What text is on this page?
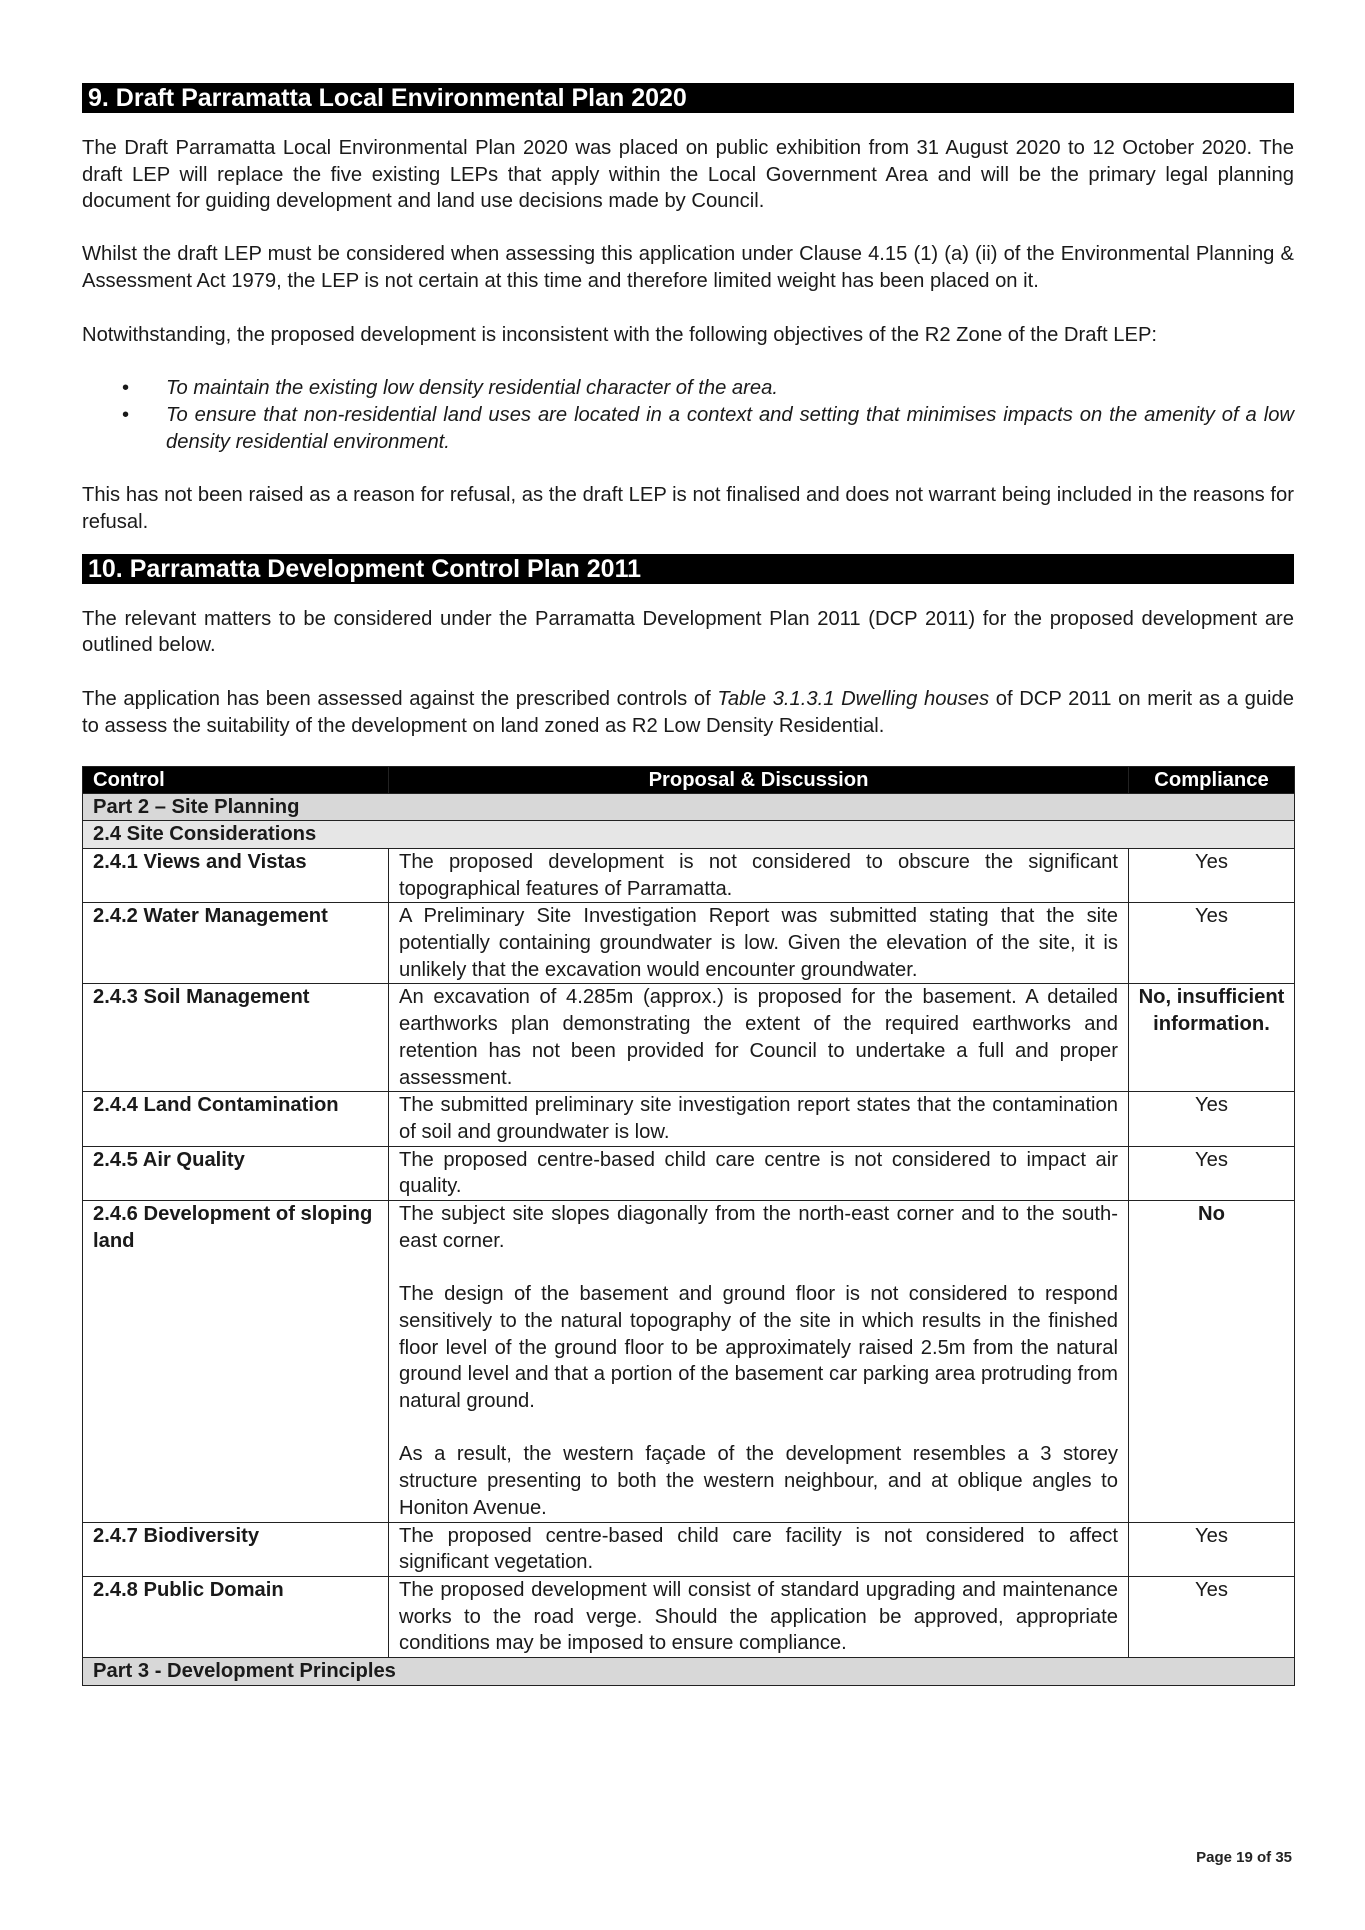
9. Draft Parramatta Local Environmental Plan 2020

The Draft Parramatta Local Environmental Plan 2020 was placed on public exhibition from 31 August 2020 to 12 October 2020. The draft LEP will replace the five existing LEPs that apply within the Local Government Area and will be the primary legal planning document for guiding development and land use decisions made by Council.

Whilst the draft LEP must be considered when assessing this application under Clause 4.15 (1) (a) (ii) of the Environmental Planning & Assessment Act 1979, the LEP is not certain at this time and therefore limited weight has been placed on it.

Notwithstanding, the proposed development is inconsistent with the following objectives of the R2 Zone of the Draft LEP:

• To maintain the existing low density residential character of the area.
• To ensure that non-residential land uses are located in a context and setting that minimises impacts on the amenity of a low density residential environment.

This has not been raised as a reason for refusal, as the draft LEP is not finalised and does not warrant being included in the reasons for refusal.

10. Parramatta Development Control Plan 2011

The relevant matters to be considered under the Parramatta Development Plan 2011 (DCP 2011) for the proposed development are outlined below.

The application has been assessed against the prescribed controls of Table 3.1.3.1 Dwelling houses of DCP 2011 on merit as a guide to assess the suitability of the development on land zoned as R2 Low Density Residential.

Control	Proposal & Discussion	Compliance
Part 2 – Site Planning		
2.4 Site Considerations		
2.4.1 Views and Vistas	The proposed development is not considered to obscure the significant topographical features of Parramatta.	Yes
2.4.2 Water Management	A Preliminary Site Investigation Report was submitted stating that the site potentially containing groundwater is low. Given the elevation of the site, it is unlikely that the excavation would encounter groundwater.	Yes
2.4.3 Soil Management	An excavation of 4.285m (approx.) is proposed for the basement. A detailed earthworks plan demonstrating the extent of the required earthworks and retention has not been provided for Council to undertake a full and proper assessment.	No, insufficient information.
2.4.4 Land Contamination	The submitted preliminary site investigation report states that the contamination of soil and groundwater is low.	Yes
2.4.5 Air Quality	The proposed centre-based child care centre is not considered to impact air quality.	Yes
2.4.6 Development of sloping land	The subject site slopes diagonally from the north-east corner and to the south-east corner.
The design of the basement and ground floor is not considered to respond sensitively to the natural topography of the site in which results in the finished floor level of the ground floor to be approximately raised 2.5m from the natural ground level and that a portion of the basement car parking area protruding from natural ground.
As a result, the western façade of the development resembles a 3 storey structure presenting to both the western neighbour, and at oblique angles to Honiton Avenue.	No
2.4.7 Biodiversity	The proposed centre-based child care facility is not considered to affect significant vegetation.	Yes
2.4.8 Public Domain	The proposed development will consist of standard upgrading and maintenance works to the road verge. Should the application be approved, appropriate conditions may be imposed to ensure compliance.	Yes
Part 3 - Development Principles		
Page 19 of 35
